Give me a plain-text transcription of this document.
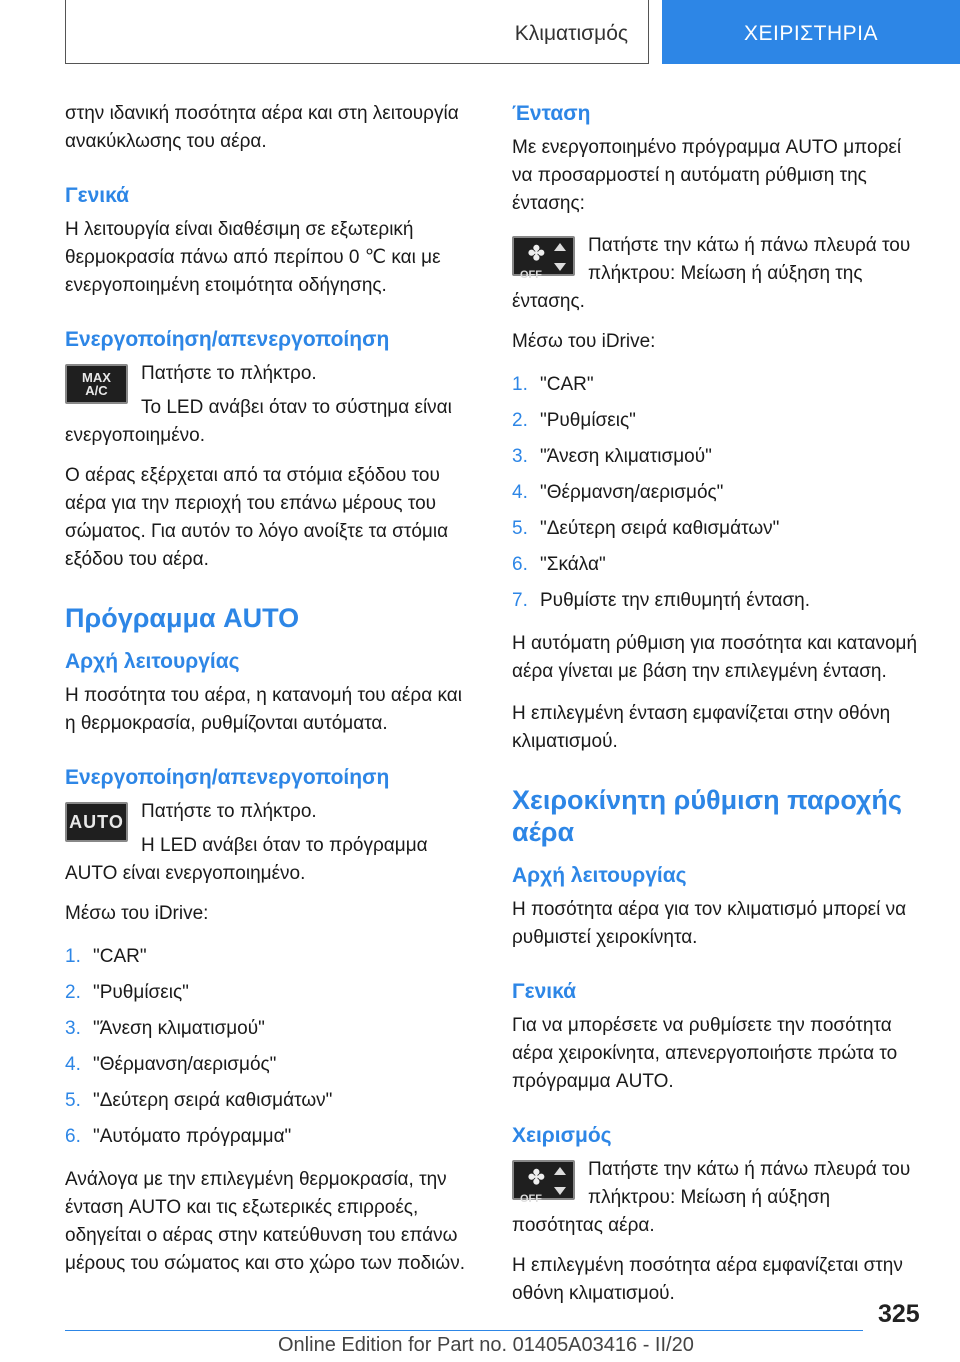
Κλιματισμός	ΧΕΙΡΙΣΤΗΡΙΑ

στην ιδανική ποσότητα αέρα και στη λειτουργία ανακύκλωσης του αέρα.

Γενικά

Η λειτουργία είναι διαθέσιμη σε εξωτερική θερμοκρασία πάνω από περίπου 0 ℃ και με ενεργοποιημένη ετοιμότητα οδήγησης.

Ενεργοποίηση/απενεργοποίηση
MAX
A/C
Πατήστε το πλήκτρο.
Το LED ανάβει όταν το σύστημα είναι ενεργοποιημένο.

Ο αέρας εξέρχεται από τα στόμια εξόδου του αέρα για την περιοχή του επάνω μέρους του σώματος. Για αυτόν το λόγο ανοίξτε τα στόμια εξόδου του αέρα.

Πρόγραμμα AUTO
Αρχή λειτουργίας

Η ποσότητα του αέρα, η κατανομή του αέρα και η θερμοκρασία, ρυθμίζονται αυτόματα.

Ενεργοποίηση/απενεργοποίηση
AUTO Πατήστε το πλήκτρο.
Η LED ανάβει όταν το πρόγραμμα AUTO είναι ενεργοποιημένο.

Μέσω του iDrive:

1. "CAR"
2. "Ρυθμίσεις"
3. "Άνεση κλιματισμού"
4. "Θέρμανση/αερισμός"
5. "Δεύτερη σειρά καθισμάτων"
6. "Αυτόματο πρόγραμμα"

Ανάλογα με την επιλεγμένη θερμοκρασία, την ένταση AUTO και τις εξωτερικές επιρροές, οδηγείται ο αέρας στην κατεύθυνση του επάνω μέρους του σώματος και στο χώρο των ποδιών.

Ένταση

Με ενεργοποιημένο πρόγραμμα AUTO μπορεί να προσαρμοστεί η αυτόματη ρύθμιση της έντασης:

✤
OFF
Πατήστε την κάτω ή πάνω πλευρά του πλήκτρου: Μείωση ή αύξηση της έντασης.

Μέσω του iDrive:

1. "CAR"
2. "Ρυθμίσεις"
3. "Άνεση κλιματισμού"
4. "Θέρμανση/αερισμός"
5. "Δεύτερη σειρά καθισμάτων"
6. "Σκάλα"
7. Ρυθμίστε την επιθυμητή ένταση.

Η αυτόματη ρύθμιση για ποσότητα και κατανομή αέρα γίνεται με βάση την επιλεγμένη ένταση.

Η επιλεγμένη ένταση εμφανίζεται στην οθόνη κλιματισμού.

Χειροκίνητη ρύθμιση παροχής αέρα
Αρχή λειτουργίας

Η ποσότητα αέρα για τον κλιματισμό μπορεί να ρυθμιστεί χειροκίνητα.

Γενικά

Για να μπορέσετε να ρυθμίσετε την ποσότητα αέρα χειροκίνητα, απενεργοποιήστε πρώτα το πρόγραμμα AUTO.

Χειρισμός
✤
OFF
Πατήστε την κάτω ή πάνω πλευρά του πλήκτρου: Μείωση ή αύξηση ποσότητας αέρα.

Η επιλεγμένη ποσότητα αέρα εμφανίζεται στην οθόνη κλιματισμού.

325
Online Edition for Part no. 01405A03416 - II/20
